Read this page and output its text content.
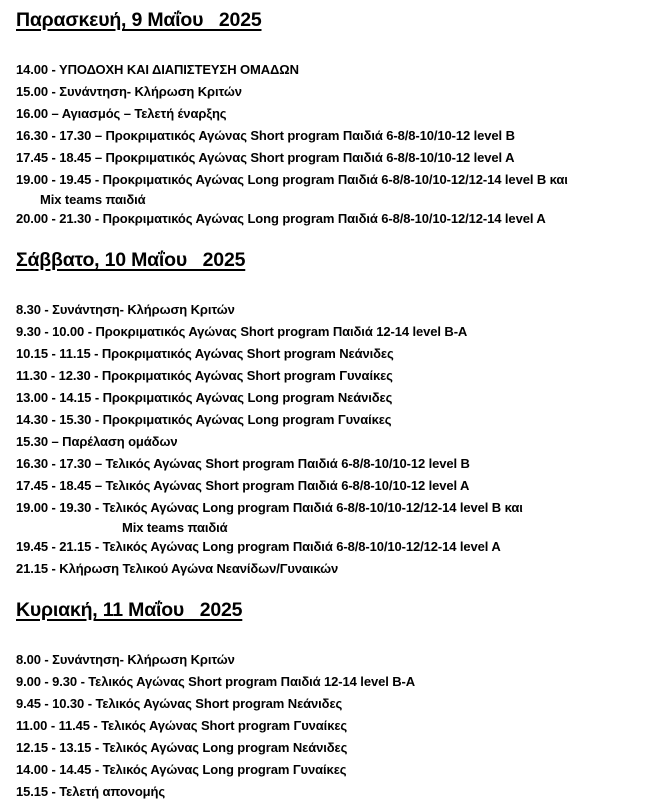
Παρασκευή, 9 Μαΐου   2025
14.00 - ΥΠΟΔΟΧΗ ΚΑΙ ΔΙΑΠΙΣΤΕΥΣΗ ΟΜΑΔΩΝ
15.00 - Συνάντηση- Κλήρωση Κριτών
16.00 – Αγιασμός – Τελετή έναρξης
16.30 - 17.30 – Προκριματικός Αγώνας Short program Παιδιά 6-8/8-10/10-12 level B
17.45 - 18.45 – Προκριματικός Αγώνας Short program Παιδιά 6-8/8-10/10-12 level A
19.00 - 19.45 - Προκριματικός Αγώνας Long program Παιδιά 6-8/8-10/10-12/12-14 level B και
Mix teams παιδιά
20.00 - 21.30 - Προκριματικός Αγώνας Long program Παιδιά 6-8/8-10/10-12/12-14 level A
Σάββατο, 10 Μαΐου   2025
8.30 - Συνάντηση- Κλήρωση Κριτών
9.30 - 10.00 - Προκριματικός Αγώνας Short program Παιδιά 12-14 level B-A
10.15 - 11.15 - Προκριματικός Αγώνας Short program Νεάνιδες
11.30 - 12.30 - Προκριματικός Αγώνας Short program Γυναίκες
13.00 - 14.15 - Προκριματικός Αγώνας Long program Νεάνιδες
14.30 - 15.30 - Προκριματικός Αγώνας Long program Γυναίκες
15.30 – Παρέλαση ομάδων
16.30 - 17.30 – Τελικός Αγώνας Short program Παιδιά 6-8/8-10/10-12 level B
17.45 - 18.45 – Τελικός Αγώνας Short program Παιδιά 6-8/8-10/10-12 level A
19.00 - 19.30 - Τελικός Αγώνας Long program Παιδιά 6-8/8-10/10-12/12-14 level B και
Mix teams παιδιά
19.45 - 21.15 - Τελικός Αγώνας Long program Παιδιά 6-8/8-10/10-12/12-14 level A
21.15 - Κλήρωση Τελικού Αγώνα Νεανίδων/Γυναικών
Κυριακή, 11 Μαΐου   2025
8.00 - Συνάντηση- Κλήρωση Κριτών
9.00 - 9.30 - Τελικός Αγώνας Short program Παιδιά 12-14 level B-A
9.45 - 10.30 - Τελικός Αγώνας Short program Νεάνιδες
11.00 - 11.45 - Τελικός Αγώνας Short program Γυναίκες
12.15 - 13.15 - Τελικός Αγώνας Long program Νεάνιδες
14.00 - 14.45 - Τελικός Αγώνας Long program Γυναίκες
15.15 - Τελετή απονομής
